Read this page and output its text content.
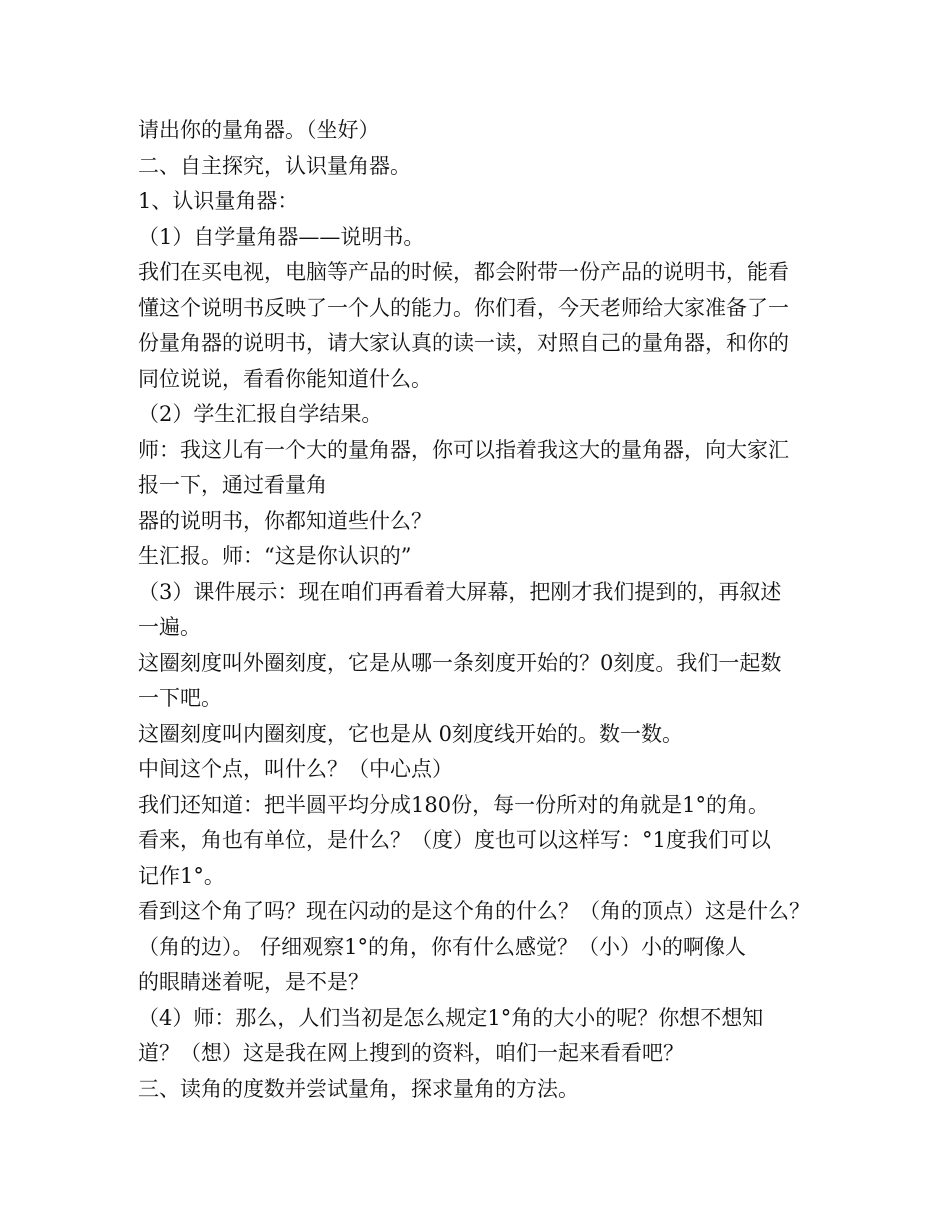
请出你的量角器。（坐好）
二、自主探究，认识量角器。
1、认识量角器：
（1）自学量角器——说明书。
我们在买电视，电脑等产品的时候，都会附带一份产品的说明书，能看
懂这个说明书反映了一个人的能力。你们看，今天老师给大家准备了一
份量角器的说明书，请大家认真的读一读，对照自己的量角器，和你的
同位说说，看看你能知道什么。
（2）学生汇报自学结果。
师：我这儿有一个大的量角器，你可以指着我这大的量角器，向大家汇
报一下，通过看量角
器的说明书，你都知道些什么？
生汇报。师：“这是你认识的”
（3）课件展示：现在咱们再看着大屏幕，把刚才我们提到的，再叙述
一遍。
这圈刻度叫外圈刻度，它是从哪一条刻度开始的？0刻度。我们一起数
一下吧。
这圈刻度叫内圈刻度，它也是从 0刻度线开始的。数一数。
中间这个点，叫什么？（中心点）
我们还知道：把半圆平均分成180份，每一份所对的角就是1°的角。
看来，角也有单位，是什么？（度）度也可以这样写：°1度我们可以
记作1°。
看到这个角了吗？现在闪动的是这个角的什么？（角的顶点）这是什么？
（角的边）。 仔细观察1°的角，你有什么感觉？（小）小的啊像人
的眼睛迷着呢，是不是？
（4）师：那么，人们当初是怎么规定1°角的大小的呢？你想不想知
道？（想）这是我在网上搜到的资料，咱们一起来看看吧？
三、读角的度数并尝试量角，探求量角的方法。
